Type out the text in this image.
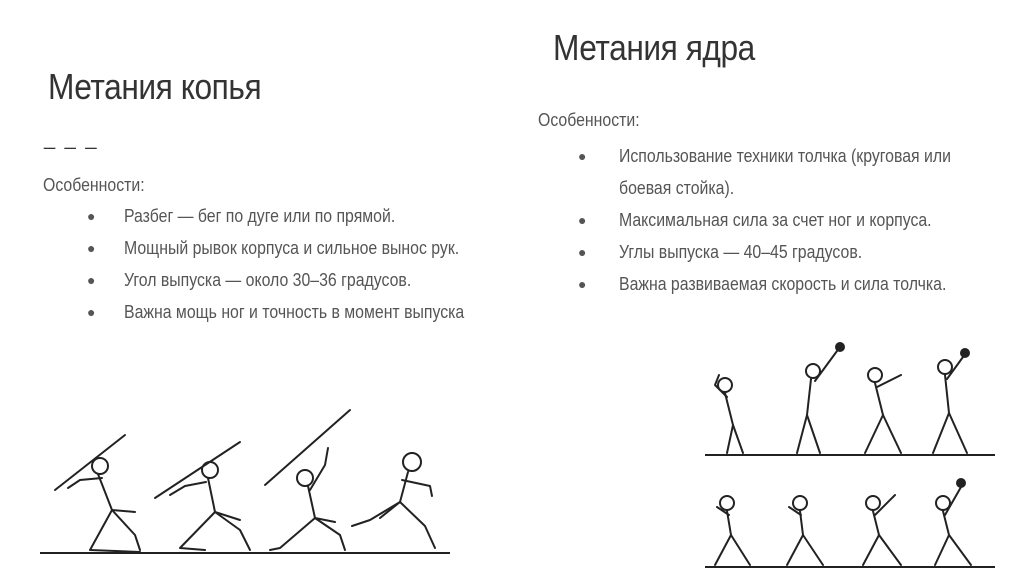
Метания копья
_ _ _
Особенности:
● Разбег — бег по дуге или по прямой.
● Мощный рывок корпуса и сильное вынос рук.
● Угол выпуска — около 30–36 градусов.
● Важна мощь ног и точность в момент выпуска
Метания ядра
Особенности:
● Использование техники толчка (круговая или боевая стойка).
● Максимальная сила за счет ног и корпуса.
● Углы выпуска — 40–45 градусов.
● Важна развиваемая скорость и сила толчка.
